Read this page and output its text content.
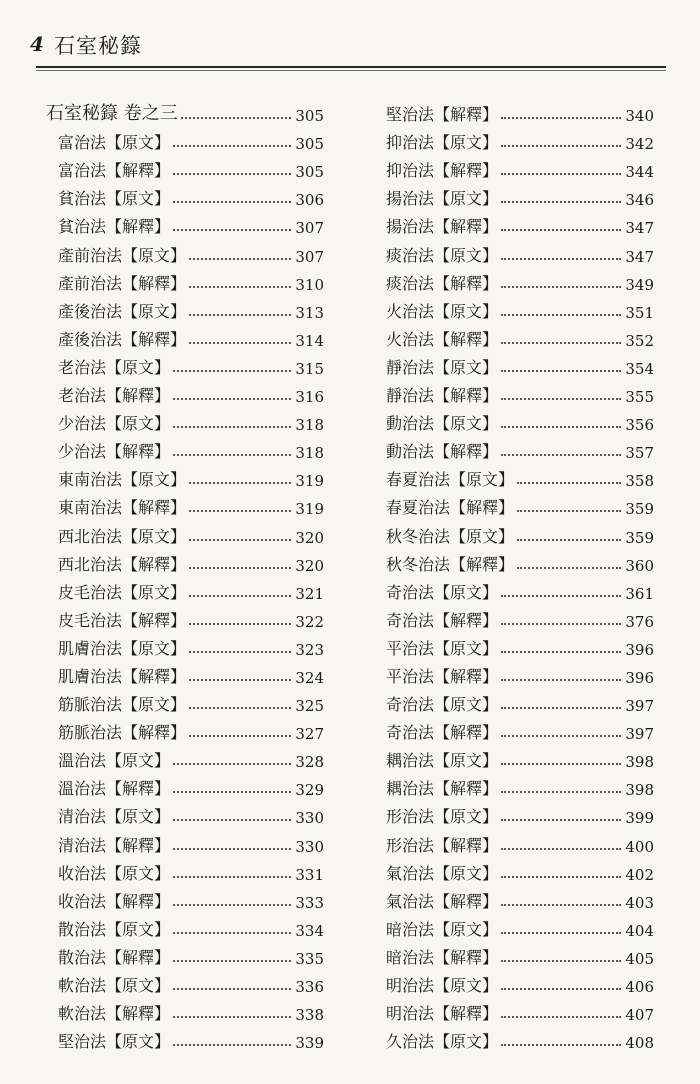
4 石室秘籙
石室秘籙 卷之三	305
富治法【原文】	305
富治法【解釋】	305
貧治法【原文】	306
貧治法【解釋】	307
產前治法【原文】	307
產前治法【解釋】	310
產後治法【原文】	313
產後治法【解釋】	314
老治法【原文】	315
老治法【解釋】	316
少治法【原文】	318
少治法【解釋】	318
東南治法【原文】	319
東南治法【解釋】	319
西北治法【原文】	320
西北治法【解釋】	320
皮毛治法【原文】	321
皮毛治法【解釋】	322
肌膚治法【原文】	323
肌膚治法【解釋】	324
筋脈治法【原文】	325
筋脈治法【解釋】	327
溫治法【原文】	328
溫治法【解釋】	329
清治法【原文】	330
清治法【解釋】	330
收治法【原文】	331
收治法【解釋】	333
散治法【原文】	334
散治法【解釋】	335
軟治法【原文】	336
軟治法【解釋】	338
堅治法【原文】	339
堅治法【解釋】	340
抑治法【原文】	342
抑治法【解釋】	344
揚治法【原文】	346
揚治法【解釋】	347
痰治法【原文】	347
痰治法【解釋】	349
火治法【原文】	351
火治法【解釋】	352
靜治法【原文】	354
靜治法【解釋】	355
動治法【原文】	356
動治法【解釋】	357
春夏治法【原文】	358
春夏治法【解釋】	359
秋冬治法【原文】	359
秋冬治法【解釋】	360
奇治法【原文】	361
奇治法【解釋】	376
平治法【原文】	396
平治法【解釋】	396
奇治法【原文】	397
奇治法【解釋】	397
耦治法【原文】	398
耦治法【解釋】	398
形治法【原文】	399
形治法【解釋】	400
氣治法【原文】	402
氣治法【解釋】	403
暗治法【原文】	404
暗治法【解釋】	405
明治法【原文】	406
明治法【解釋】	407
久治法【原文】	408
